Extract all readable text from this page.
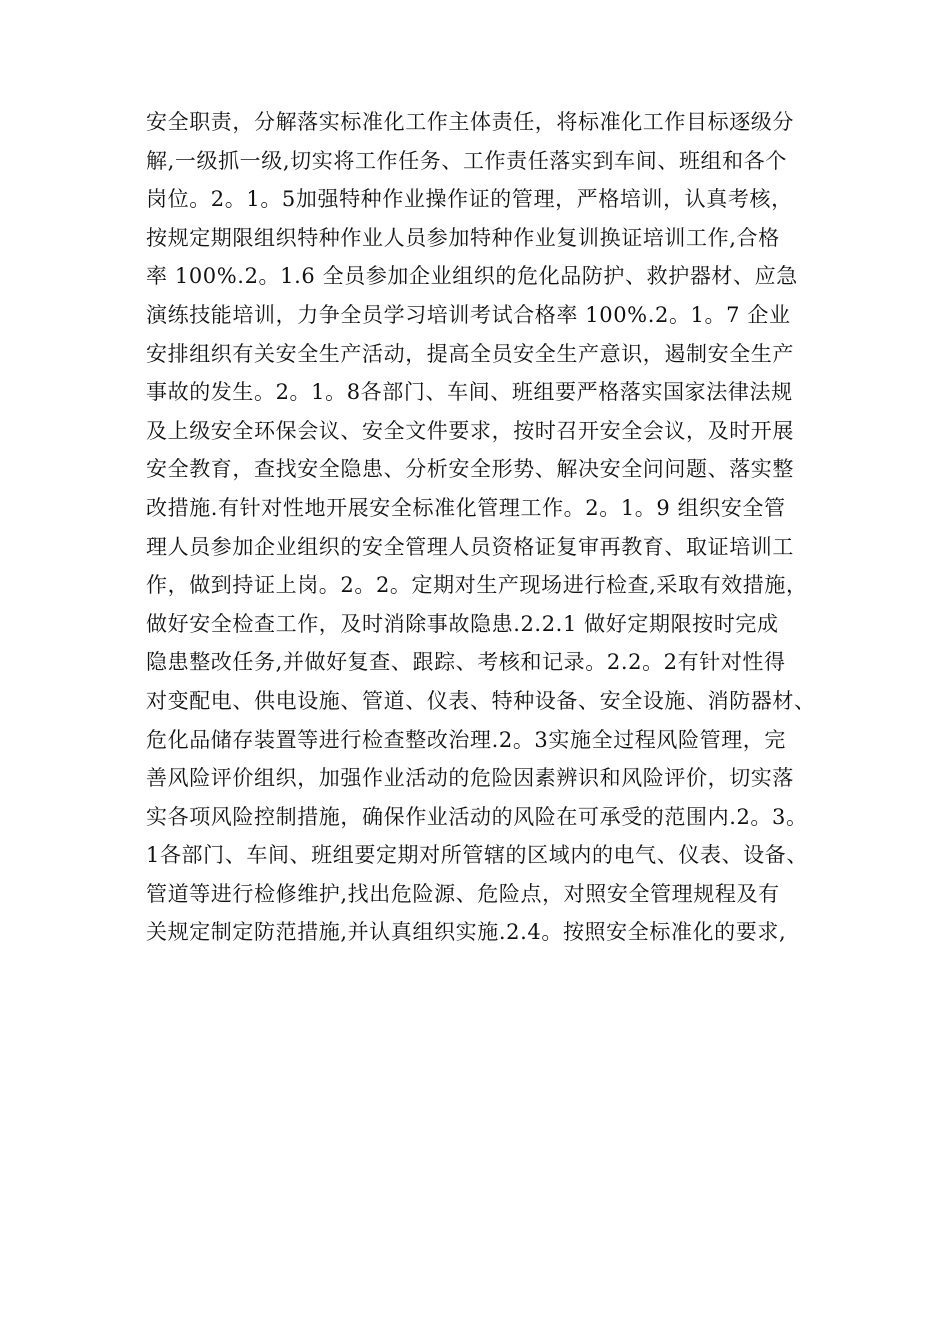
安全职责，分解落实标准化工作主体责任，将标准化工作目标逐级分
解,一级抓一级,切实将工作任务、工作责任落实到车间、班组和各个
岗位。2。1。5加强特种作业操作证的管理，严格培训，认真考核，
按规定期限组织特种作业人员参加特种作业复训换证培训工作,合格
率 100%.2。1.6 全员参加企业组织的危化品防护、救护器材、应急
演练技能培训，力争全员学习培训考试合格率 100%.2。1。7 企业
安排组织有关安全生产活动，提高全员安全生产意识，遏制安全生产
事故的发生。2。1。8各部门、车间、班组要严格落实国家法律法规
及上级安全环保会议、安全文件要求，按时召开安全会议，及时开展
安全教育，查找安全隐患、分析安全形势、解决安全问问题、落实整
改措施.有针对性地开展安全标准化管理工作。2。1。9 组织安全管
理人员参加企业组织的安全管理人员资格证复审再教育、取证培训工
作，做到持证上岗。2。2。定期对生产现场进行检查,采取有效措施，
做好安全检查工作，及时消除事故隐患.2.2.1 做好定期限按时完成
隐患整改任务,并做好复查、跟踪、考核和记录。2.2。2有针对性得
对变配电、供电设施、管道、仪表、特种设备、安全设施、消防器材、
危化品储存装置等进行检查整改治理.2。3实施全过程风险管理，完
善风险评价组织，加强作业活动的危险因素辨识和风险评价，切实落
实各项风险控制措施，确保作业活动的风险在可承受的范围内.2。3。
1各部门、车间、班组要定期对所管辖的区域内的电气、仪表、设备、
管道等进行检修维护,找出危险源、危险点，对照安全管理规程及有
关规定制定防范措施,并认真组织实施.2.4。按照安全标准化的要求,
